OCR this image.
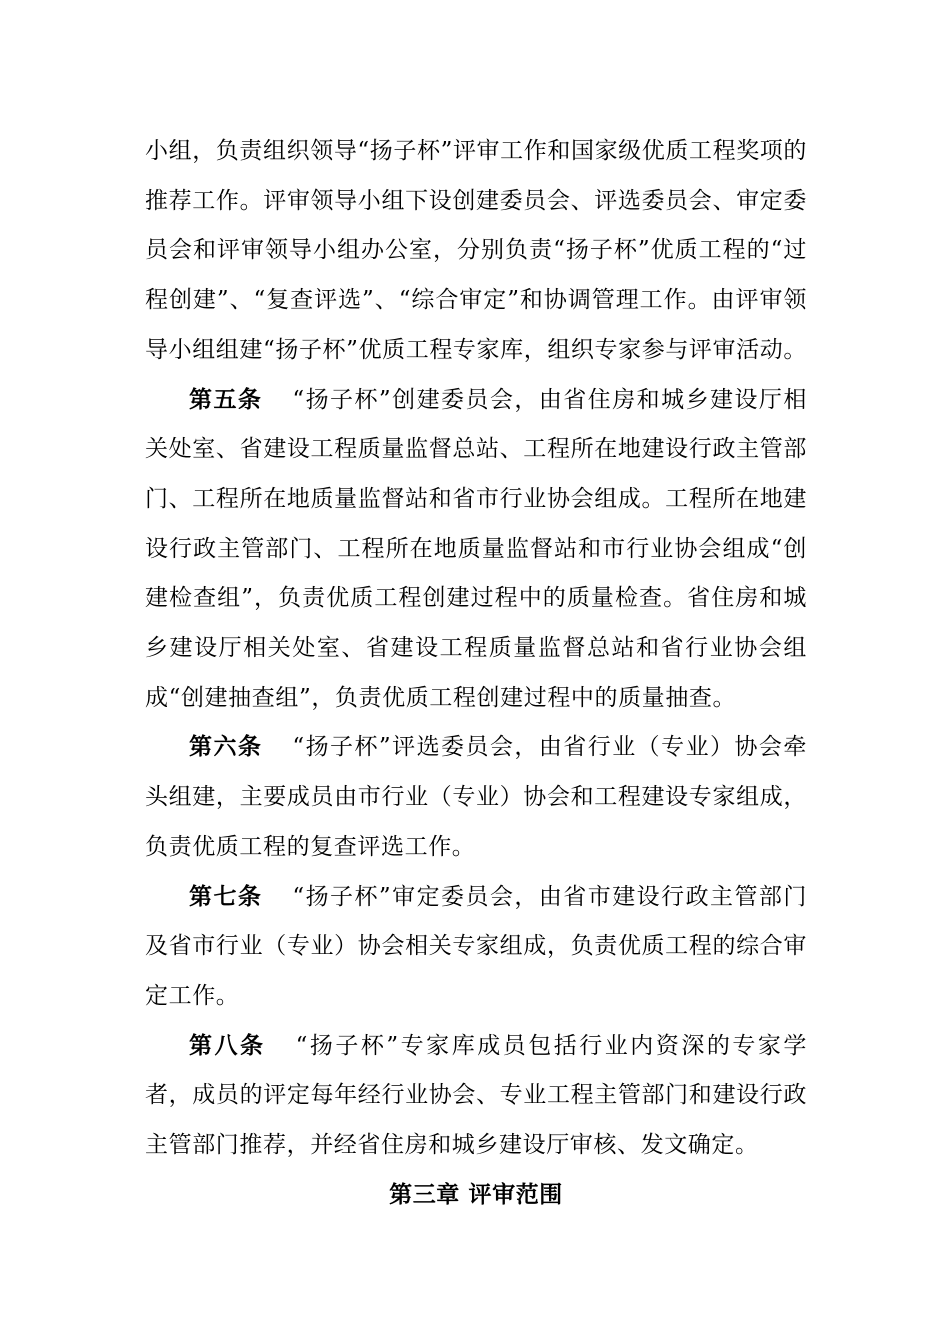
小组，负责组织领导“扬子杯”评审工作和国家级优质工程奖项的推荐工作。评审领导小组下设创建委员会、评选委员会、审定委员会和评审领导小组办公室，分别负责“扬子杯”优质工程的“过程创建”、“复查评选”、“综合审定”和协调管理工作。由评审领导小组组建“扬子杯”优质工程专家库，组织专家参与评审活动。

第五条 “扬子杯”创建委员会，由省住房和城乡建设厅相关处室、省建设工程质量监督总站、工程所在地建设行政主管部门、工程所在地质量监督站和省市行业协会组成。工程所在地建设行政主管部门、工程所在地质量监督站和市行业协会组成“创建检查组”，负责优质工程创建过程中的质量检查。省住房和城乡建设厅相关处室、省建设工程质量监督总站和省行业协会组成“创建抽查组”，负责优质工程创建过程中的质量抽查。

第六条 “扬子杯”评选委员会，由省行业（专业）协会牵头组建，主要成员由市行业（专业）协会和工程建设专家组成，负责优质工程的复查评选工作。

第七条 “扬子杯”审定委员会，由省市建设行政主管部门及省市行业（专业）协会相关专家组成，负责优质工程的综合审定工作。

第八条 “扬子杯”专家库成员包括行业内资深的专家学者，成员的评定每年经行业协会、专业工程主管部门和建设行政主管部门推荐，并经省住房和城乡建设厅审核、发文确定。

第三章 评审范围
